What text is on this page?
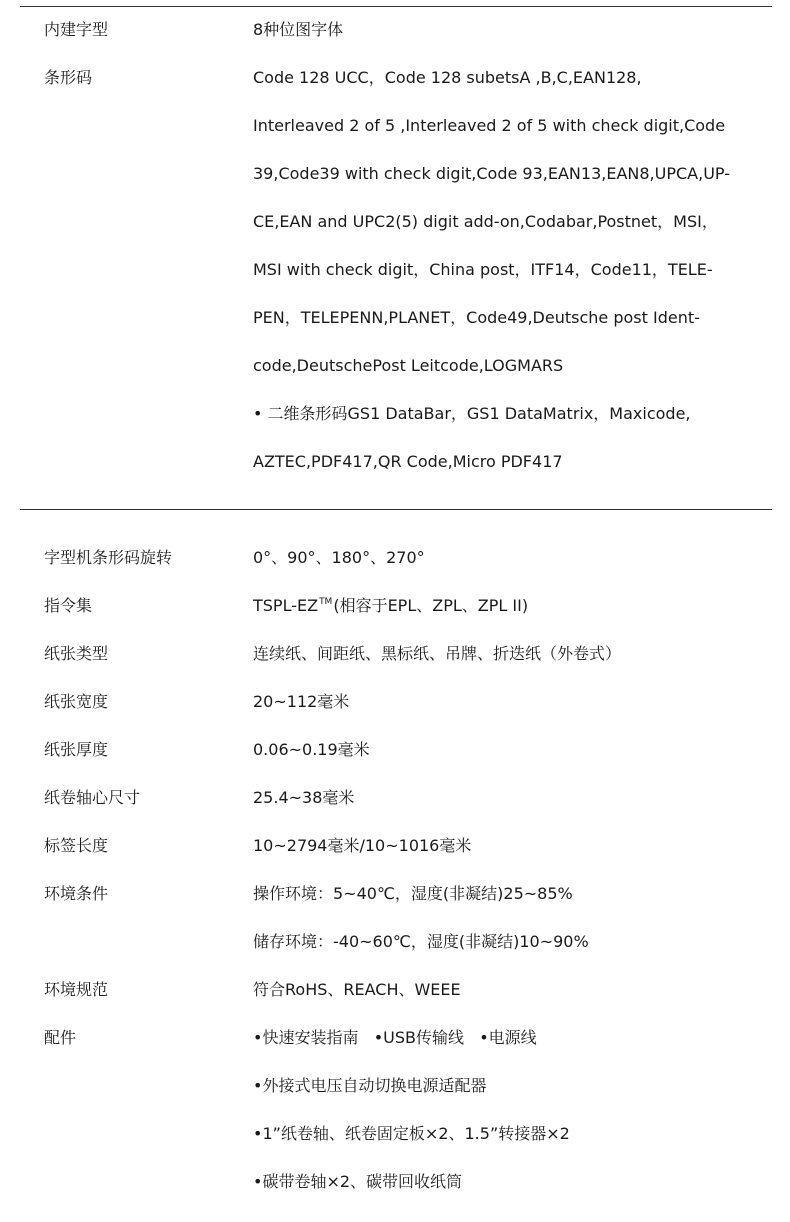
内建字型	8种位图字体
条形码	Code 128 UCC，Code 128 subetsA ,B,C,EAN128,
Interleaved 2 of 5 ,Interleaved 2 of 5 with check digit,Code
39,Code39 with check digit,Code 93,EAN13,EAN8,UPCA,UP-
CE,EAN and UPC2(5) digit add-on,Codabar,Postnet，MSI，
MSI with check digit，China post，ITF14，Code11，TELE-
PEN，TELEPENN,PLANET，Code49,Deutsche post Ident-
code,DeutschePost Leitcode,LOGMARS
• 二维条形码GS1 DataBar，GS1 DataMatrix，Maxicode,
AZTEC,PDF417,QR Code,Micro PDF417
字型机条形码旋转	0°、90°、180°、270°
指令集	TSPL-EZ™(相容于EPL、ZPL、ZPL II)
纸张类型	连续纸、间距纸、黑标纸、吊牌、折迭纸（外卷式）
纸张宽度	20~112毫米
纸张厚度	0.06~0.19毫米
纸卷轴心尺寸	25.4~38毫米
标签长度	10~2794毫米/10~1016毫米
环境条件	操作环境：5~40℃，湿度(非凝结)25~85%
储存环境：-40~60℃，湿度(非凝结)10~90%
环境规范	符合RoHS、REACH、WEEE
配件	•快速安装指南   •USB传输线   •电源线
•外接式电压自动切换电源适配器
•1”纸卷轴、纸卷固定板×2、1.5”转接器×2
•碳带卷轴×2、碳带回收纸筒
